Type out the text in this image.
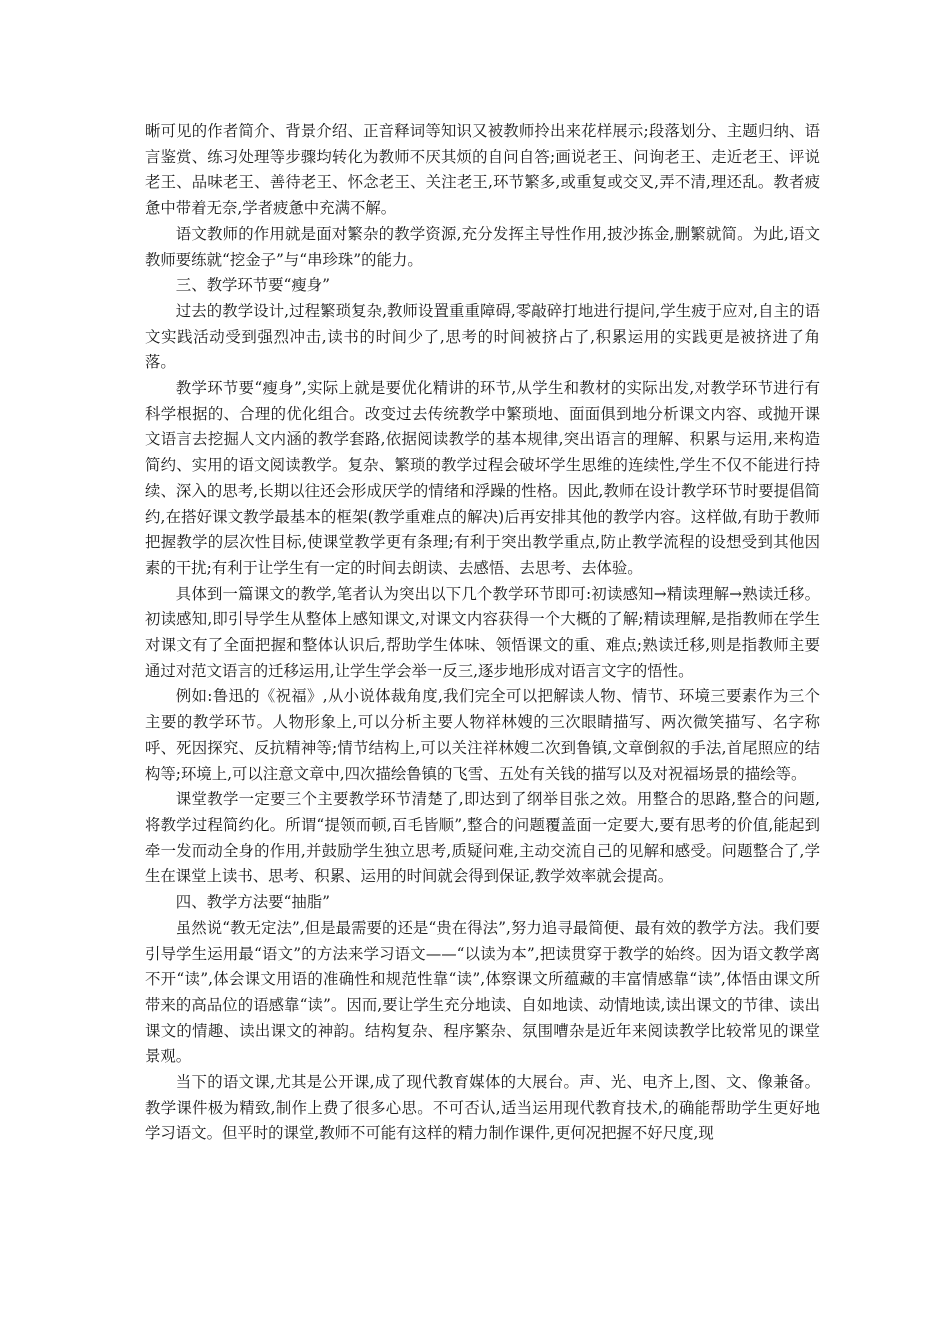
晰可见的作者简介、背景介绍、正音释词等知识又被教师拎出来花样展示;段落划分、主题归纳、语言鉴赏、练习处理等步骤均转化为教师不厌其烦的自问自答;画说老王、问询老王、走近老王、评说老王、品味老王、善待老王、怀念老王、关注老王,环节繁多,或重复或交叉,弄不清,理还乱。教者疲惫中带着无奈,学者疲惫中充满不解。

语文教师的作用就是面对繁杂的教学资源,充分发挥主导性作用,披沙拣金,删繁就简。为此,语文教师要练就“挖金子”与“串珍珠”的能力。

三、教学环节要“瘦身”

过去的教学设计,过程繁琐复杂,教师设置重重障碍,零敲碎打地进行提问,学生疲于应对,自主的语文实践活动受到强烈冲击,读书的时间少了,思考的时间被挤占了,积累运用的实践更是被挤进了角落。

教学环节要“瘦身”,实际上就是要优化精讲的环节,从学生和教材的实际出发,对教学环节进行有科学根据的、合理的优化组合。改变过去传统教学中繁琐地、面面俱到地分析课文内容、或抛开课文语言去挖掘人文内涵的教学套路,依据阅读教学的基本规律,突出语言的理解、积累与运用,来构造简约、实用的语文阅读教学。复杂、繁琐的教学过程会破坏学生思维的连续性,学生不仅不能进行持续、深入的思考,长期以往还会形成厌学的情绪和浮躁的性格。因此,教师在设计教学环节时要提倡简约,在搭好课文教学最基本的框架(教学重难点的解决)后再安排其他的教学内容。这样做,有助于教师把握教学的层次性目标,使课堂教学更有条理;有利于突出教学重点,防止教学流程的设想受到其他因素的干扰;有利于让学生有一定的时间去朗读、去感悟、去思考、去体验。

具体到一篇课文的教学,笔者认为突出以下几个教学环节即可:初读感知→精读理解→熟读迁移。初读感知,即引导学生从整体上感知课文,对课文内容获得一个大概的了解;精读理解,是指教师在学生对课文有了全面把握和整体认识后,帮助学生体味、领悟课文的重、难点;熟读迁移,则是指教师主要通过对范文语言的迁移运用,让学生学会举一反三,逐步地形成对语言文字的悟性。

例如:鲁迅的《祝福》,从小说体裁角度,我们完全可以把解读人物、情节、环境三要素作为三个主要的教学环节。人物形象上,可以分析主要人物祥林嫂的三次眼睛描写、两次微笑描写、名字称呼、死因探究、反抗精神等;情节结构上,可以关注祥林嫂二次到鲁镇,文章倒叙的手法,首尾照应的结构等;环境上,可以注意文章中,四次描绘鲁镇的飞雪、五处有关钱的描写以及对祝福场景的描绘等。

课堂教学一定要三个主要教学环节清楚了,即达到了纲举目张之效。用整合的思路,整合的问题,将教学过程简约化。所谓“提领而顿,百毛皆顺”,整合的问题覆盖面一定要大,要有思考的价值,能起到牵一发而动全身的作用,并鼓励学生独立思考,质疑问难,主动交流自己的见解和感受。问题整合了,学生在课堂上读书、思考、积累、运用的时间就会得到保证,教学效率就会提高。

四、教学方法要“抽脂”

虽然说“教无定法”,但是最需要的还是“贵在得法”,努力追寻最简便、最有效的教学方法。我们要引导学生运用最“语文”的方法来学习语文——“以读为本”,把读贯穿于教学的始终。因为语文教学离不开“读”,体会课文用语的准确性和规范性靠“读”,体察课文所蕴藏的丰富情感靠“读”,体悟由课文所带来的高品位的语感靠“读”。因而,要让学生充分地读、自如地读、动情地读,读出课文的节律、读出课文的情趣、读出课文的神韵。结构复杂、程序繁杂、氛围嘈杂是近年来阅读教学比较常见的课堂景观。

当下的语文课,尤其是公开课,成了现代教育媒体的大展台。声、光、电齐上,图、文、像兼备。教学课件极为精致,制作上费了很多心思。不可否认,适当运用现代教育技术,的确能帮助学生更好地学习语文。但平时的课堂,教师不可能有这样的精力制作课件,更何况把握不好尺度,现
